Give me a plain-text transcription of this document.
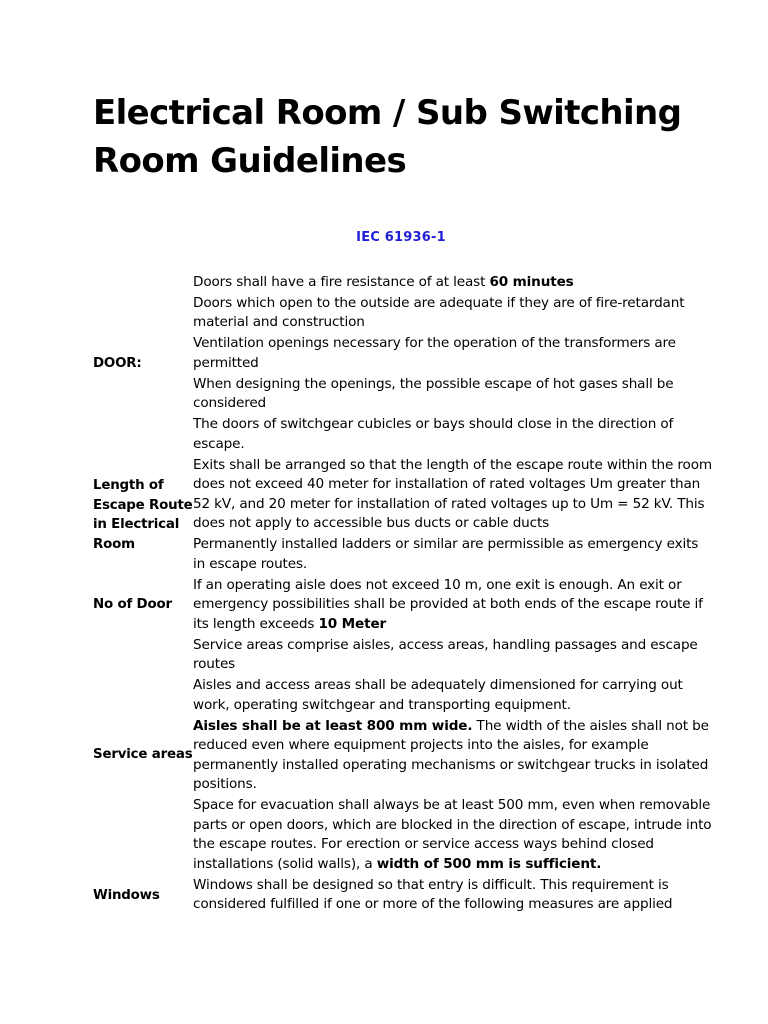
Electrical Room / Sub Switching Room Guidelines
IEC 61936-1
DOOR:
Doors shall have a fire resistance of at least 60 minutes
Doors which open to the outside are adequate if they are of fire-retardant material and construction
Ventilation openings necessary for the operation of the transformers are permitted
When designing the openings, the possible escape of hot gases shall be considered
The doors of switchgear cubicles or bays should close in the direction of escape.
Length of Escape Route in Electrical Room
Exits shall be arranged so that the length of the escape route within the room does not exceed 40 meter for installation of rated voltages Um greater than 52 kV, and 20 meter for installation of rated voltages up to Um = 52 kV. This does not apply to accessible bus ducts or cable ducts
Permanently installed ladders or similar are permissible as emergency exits in escape routes.
No of Door
If an operating aisle does not exceed 10 m, one exit is enough. An exit or emergency possibilities shall be provided at both ends of the escape route if its length exceeds 10 Meter
Service areas
Service areas comprise aisles, access areas, handling passages and escape routes
Aisles and access areas shall be adequately dimensioned for carrying out work, operating switchgear and transporting equipment.
Aisles shall be at least 800 mm wide. The width of the aisles shall not be reduced even where equipment projects into the aisles, for example permanently installed operating mechanisms or switchgear trucks in isolated positions.
Space for evacuation shall always be at least 500 mm, even when removable parts or open doors, which are blocked in the direction of escape, intrude into the escape routes. For erection or service access ways behind closed installations (solid walls), a width of 500 mm is sufficient.
Windows
Windows shall be designed so that entry is difficult. This requirement is considered fulfilled if one or more of the following measures are applied
